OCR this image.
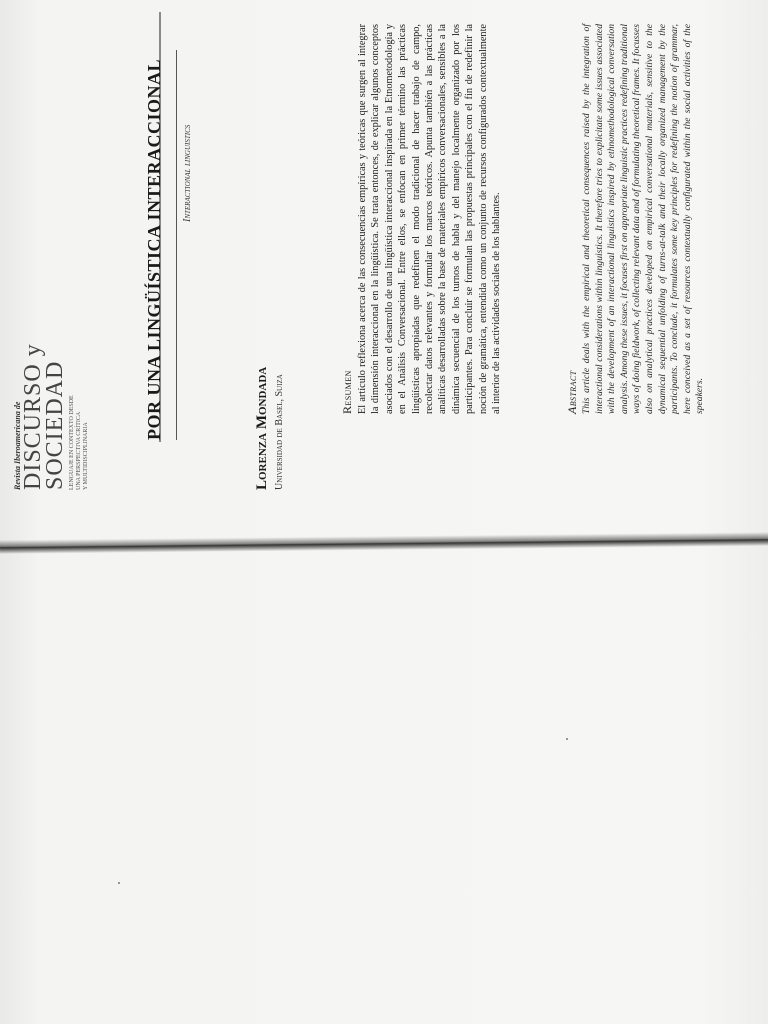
Revista Iberoamericana de
DISCURSO y
SOCIEDAD LENGUAJE EN CONTEXTO DESDE UNA PERSPECTIVA CRÍTICA Y MULTIDISCIPLINARIA
POR UNA LINGÜÍSTICA INTERACCIONAL Interactional linguistics
Lorenza Mondada Universidad de Basel, Suiza	Resumen El artículo reflexiona acerca de las consecuencias empíricas y teóricas que surgen al integrar la dimensión interaccional en la lingüística. Se trata entonces, de explicar algunos conceptos asociados con el desarrollo de una lingüística interaccional inspirada en la Etnometodología y en el Análisis Conversacional. Entre ellos, se enfocan en primer término las prácticas lingüísticas apropiadas que redefinen el modo tradicional de hacer trabajo de campo, recolectar datos relevantes y formular los marcos teóricos. Apunta también a las prácticas analíticas desarrolladas sobre la base de materiales empíricos conversacionales, sensibles a la dinámica secuencial de los turnos de habla y del manejo localmente organizado por los participantes. Para concluir se formulan las propuestas principales con el fin de redefinir la noción de gramática, entendida como un conjunto de recursos configurados contextualmente al interior de las actividades sociales de los hablantes.	Abstract This article deals with the empirical and theoretical consequences raised by the integration of interactional considerations within linguistics. It therefore tries to explicitate some issues associated with the development of an interactional linguistics inspired by ethnomethodological conversation analysis. Among these issues, it focuses first on appropriate linguistic practices redefining traditional ways of doing fieldwork, of collecting relevant data and of formulating theoretical frames. It focusses also on analytical practices developed on empirical conversational materials, sensitive to the dynamical sequential unfolding of turns-at-talk and their locally organized management by the participants. To conclude, it formulates some key principles for redefining the notion of grammar, here conceived as a set of resources contextually configurated within the social activities of the speakers.
